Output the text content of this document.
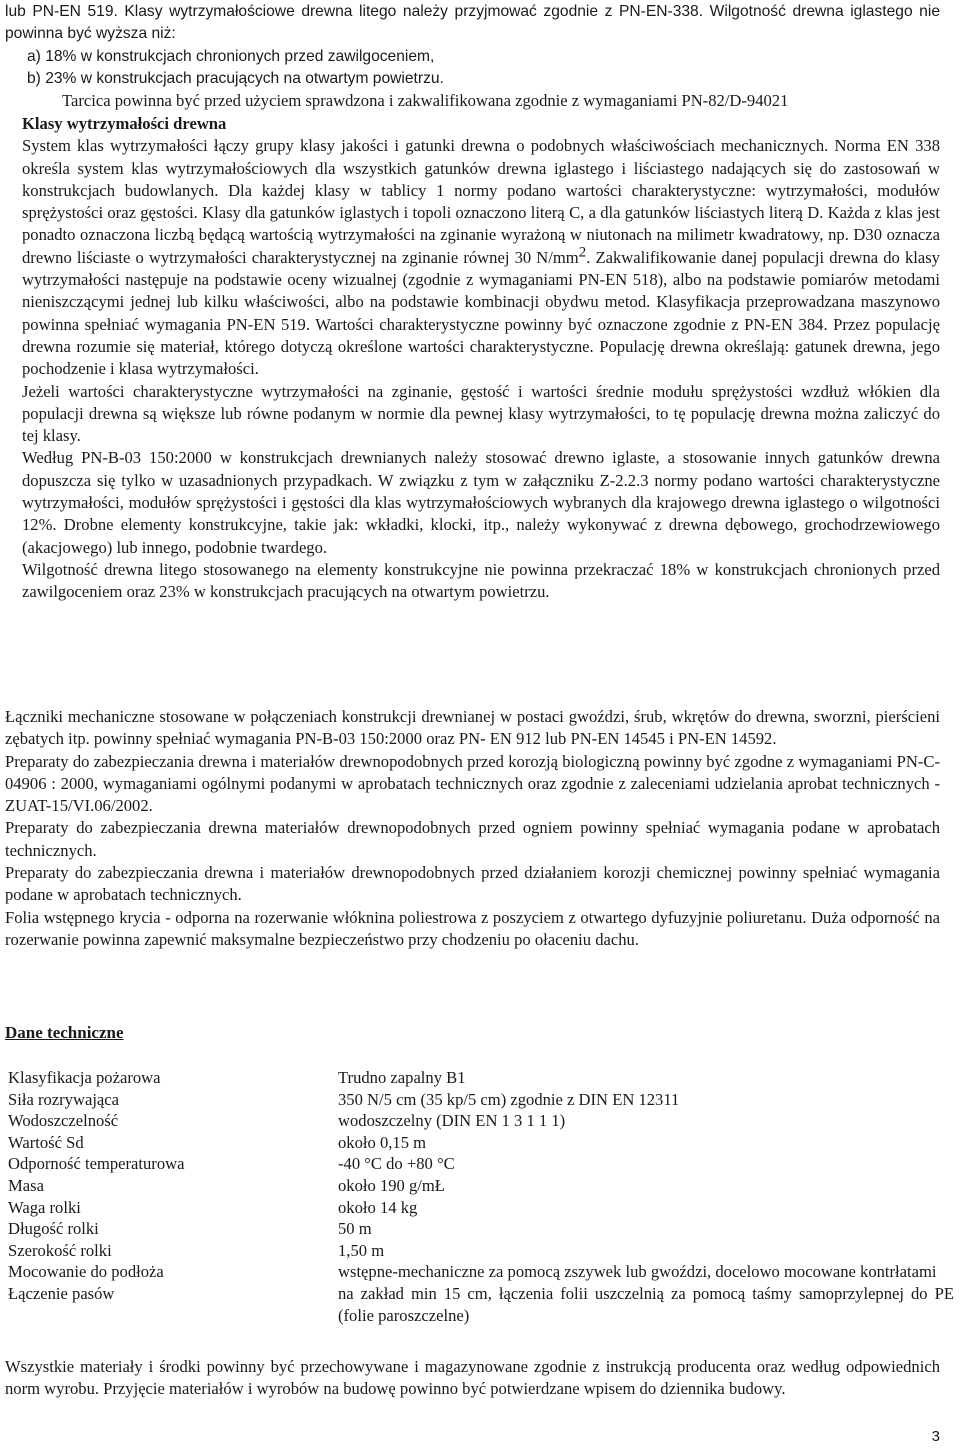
lub PN-EN 519. Klasy wytrzymałościowe drewna litego należy przyjmować zgodnie z PN-EN-338. Wilgotność drewna iglastego nie powinna być wyższa niż:

a) 18% w konstrukcjach chronionych przed zawilgoceniem,

b) 23% w konstrukcjach pracujących na otwartym powietrzu.

Tarcica powinna być przed użyciem sprawdzona i zakwalifikowana zgodnie z wymaganiami PN-82/D-94021

Klasy wytrzymałości drewna

System klas wytrzymałości łączy grupy klasy jakości i gatunki drewna o podobnych właściwościach mechanicznych. Norma EN 338 określa system klas wytrzymałościowych dla wszystkich gatunków drewna iglastego i liściastego nadających się do zastosowań w konstrukcjach budowlanych. Dla każdej klasy w tablicy 1 normy podano wartości charakterystyczne: wytrzymałości, modułów sprężystości oraz gęstości. Klasy dla gatunków iglastych i topoli oznaczono literą C, a dla gatunków liściastych literą D. Każda z klas jest ponadto oznaczona liczbą będącą wartością wytrzymałości na zginanie wyrażoną w niutonach na milimetr kwadratowy, np. D30 oznacza drewno liściaste o wytrzymałości charakterystycznej na zginanie równej 30 $N/mm^2$. Zakwalifikowanie danej populacji drewna do klasy wytrzymałości następuje na podstawie oceny wizualnej (zgodnie z wymaganiami PN-EN 518), albo na podstawie pomiarów metodami nieniszczącymi jednej lub kilku właściwości, albo na podstawie kombinacji obydwu metod. Klasyfikacja przeprowadzana maszynowo powinna spełniać wymagania PN-EN 519. Wartości charakterystyczne powinny być oznaczone zgodnie z PN-EN 384. Przez populację drewna rozumie się materiał, którego dotyczą określone wartości charakterystyczne. Populację drewna określają: gatunek drewna, jego pochodzenie i klasa wytrzymałości.

Jeżeli wartości charakterystyczne wytrzymałości na zginanie, gęstość i wartości średnie modułu sprężystości wzdłuż włókien dla populacji drewna są większe lub równe podanym w normie dla pewnej klasy wytrzymałości, to tę populację drewna można zaliczyć do tej klasy.

Według PN-B-03 150:2000 w konstrukcjach drewnianych należy stosować drewno iglaste, a stosowanie innych gatunków drewna dopuszcza się tylko w uzasadnionych przypadkach. W związku z tym w załączniku Z-2.2.3 normy podano wartości charakterystyczne wytrzymałości, modułów sprężystości i gęstości dla klas wytrzymałościowych wybranych dla krajowego drewna iglastego o wilgotności 12%. Drobne elementy konstrukcyjne, takie jak: wkładki, klocki, itp., należy wykonywać z drewna dębowego, grochodrzewiowego (akacjowego) lub innego, podobnie twardego.

Wilgotność drewna litego stosowanego na elementy konstrukcyjne nie powinna przekraczać 18% w konstrukcjach chronionych przed zawilgoceniem oraz 23% w konstrukcjach pracujących na otwartym powietrzu.

Łączniki mechaniczne stosowane w połączeniach konstrukcji drewnianej w postaci gwoździ, śrub, wkrętów do drewna, sworzni, pierścieni zębatych itp. powinny spełniać wymagania PN-B-03 150:2000 oraz PN- EN 912 lub PN-EN 14545 i PN-EN 14592.

Preparaty do zabezpieczania drewna i materiałów drewnopodobnych przed korozją biologiczną powinny być zgodne z wymaganiami PN-C-04906 : 2000, wymaganiami ogólnymi podanymi w aprobatach technicznych oraz zgodnie z zaleceniami udzielania aprobat technicznych - ZUAT-15/VI.06/2002.

Preparaty do zabezpieczania drewna materiałów drewnopodobnych przed ogniem powinny spełniać wymagania podane w aprobatach technicznych.

Preparaty do zabezpieczania drewna i materiałów drewnopodobnych przed działaniem korozji chemicznej powinny spełniać wymagania podane w aprobatach technicznych.

Folia wstępnego krycia - odporna na rozerwanie włóknina poliestrowa z poszyciem z otwartego dyfuzyjnie poliuretanu. Duża odporność na rozerwanie powinna zapewnić maksymalne bezpieczeństwo przy chodzeniu po ołaceniu dachu.

Dane techniczne
Klasyfikacja pożarowa	Trudno zapalny B1
Siła rozrywająca	350 N/5 cm (35 kp/5 cm) zgodnie z DIN EN 12311
Wodoszczelność	wodoszczelny (DIN EN 1 3 1 1 1)
Wartość Sd	około 0,15 m
Odporność temperaturowa	-40 °C do +80 °C
Masa	około 190 g/mŁ
Waga rolki	około 14 kg
Długość rolki	50 m
Szerokość rolki	1,50 m
Mocowanie do podłoża	wstępne-mechaniczne za pomocą zszywek lub gwoździ, docelowo mocowane kontrłatami
Łączenie pasów	na zakład min 15 cm, łączenia folii uszczelnią za pomocą taśmy samoprzylepnej do PE (folie paroszczelne)
Wszystkie materiały i środki powinny być przechowywane i magazynowane zgodnie z instrukcją producenta oraz według odpowiednich norm wyrobu. Przyjęcie materiałów i wyrobów na budowę powinno być potwierdzane wpisem do dziennika budowy.
3
